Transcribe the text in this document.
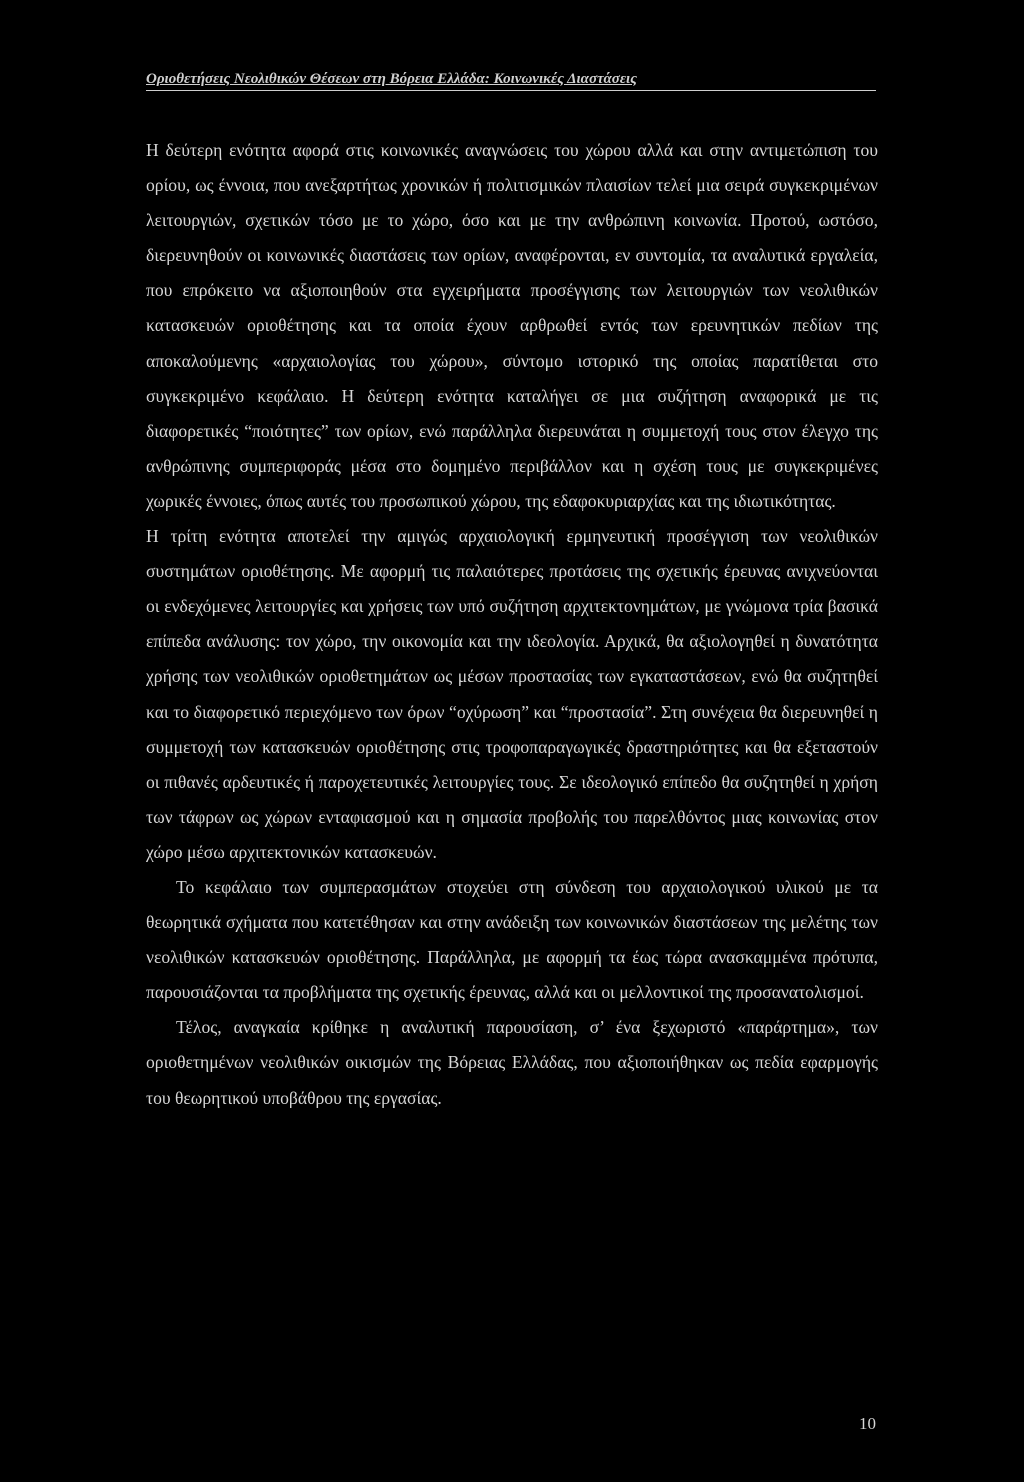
Οριοθετήσεις Νεολιθικών Θέσεων στη Βόρεια Ελλάδα: Κοινωνικές Διαστάσεις

Η δεύτερη ενότητα αφορά στις κοινωνικές αναγνώσεις του χώρου αλλά και στην αντιμετώπιση του ορίου, ως έννοια, που ανεξαρτήτως χρονικών ή πολιτισμικών πλαισίων τελεί μια σειρά συγκεκριμένων λειτουργιών, σχετικών τόσο με το χώρο, όσο και με την ανθρώπινη κοινωνία. Προτού, ωστόσο, διερευνηθούν οι κοινωνικές διαστάσεις των ορίων, αναφέρονται, εν συντομία, τα αναλυτικά εργαλεία, που επρόκειτο να αξιοποιηθούν στα εγχειρήματα προσέγγισης των λειτουργιών των νεολιθικών κατασκευών οριοθέτησης και τα οποία έχουν αρθρωθεί εντός των ερευνητικών πεδίων της αποκαλούμενης «αρχαιολογίας του χώρου», σύντομο ιστορικό της οποίας παρατίθεται στο συγκεκριμένο κεφάλαιο. Η δεύτερη ενότητα καταλήγει σε μια συζήτηση αναφορικά με τις διαφορετικές “ποιότητες” των ορίων, ενώ παράλληλα διερευνάται η συμμετοχή τους στον έλεγχο της ανθρώπινης συμπεριφοράς μέσα στο δομημένο περιβάλλον και η σχέση τους με συγκεκριμένες χωρικές έννοιες, όπως αυτές του προσωπικού χώρου, της εδαφοκυριαρχίας και της ιδιωτικότητας.

Η τρίτη ενότητα αποτελεί την αμιγώς αρχαιολογική ερμηνευτική προσέγγιση των νεολιθικών συστημάτων οριοθέτησης. Με αφορμή τις παλαιότερες προτάσεις της σχετικής έρευνας ανιχνεύονται οι ενδεχόμενες λειτουργίες και χρήσεις των υπό συζήτηση αρχιτεκτονημάτων, με γνώμονα τρία βασικά επίπεδα ανάλυσης: τον χώρο, την οικονομία και την ιδεολογία. Αρχικά, θα αξιολογηθεί η δυνατότητα χρήσης των νεολιθικών οριοθετημάτων ως μέσων προστασίας των εγκαταστάσεων, ενώ θα συζητηθεί και το διαφορετικό περιεχόμενο των όρων “οχύρωση” και “προστασία”. Στη συνέχεια θα διερευνηθεί η συμμετοχή των κατασκευών οριοθέτησης στις τροφοπαραγωγικές δραστηριότητες και θα εξεταστούν οι πιθανές αρδευτικές ή παροχετευτικές λειτουργίες τους. Σε ιδεολογικό επίπεδο θα συζητηθεί η χρήση των τάφρων ως χώρων ενταφιασμού και η σημασία προβολής του παρελθόντος μιας κοινωνίας στον χώρο μέσω αρχιτεκτονικών κατασκευών.

Το κεφάλαιο των συμπερασμάτων στοχεύει στη σύνδεση του αρχαιολογικού υλικού με τα θεωρητικά σχήματα που κατετέθησαν και στην ανάδειξη των κοινωνικών διαστάσεων της μελέτης των νεολιθικών κατασκευών οριοθέτησης. Παράλληλα, με αφορμή τα έως τώρα ανασκαμμένα πρότυπα, παρουσιάζονται τα προβλήματα της σχετικής έρευνας, αλλά και οι μελλοντικοί της προσανατολισμοί.

Τέλος, αναγκαία κρίθηκε η αναλυτική παρουσίαση, σ’ ένα ξεχωριστό «παράρτημα», των οριοθετημένων νεολιθικών οικισμών της Βόρειας Ελλάδας, που αξιοποιήθηκαν ως πεδία εφαρμογής του θεωρητικού υποβάθρου της εργασίας.

10
